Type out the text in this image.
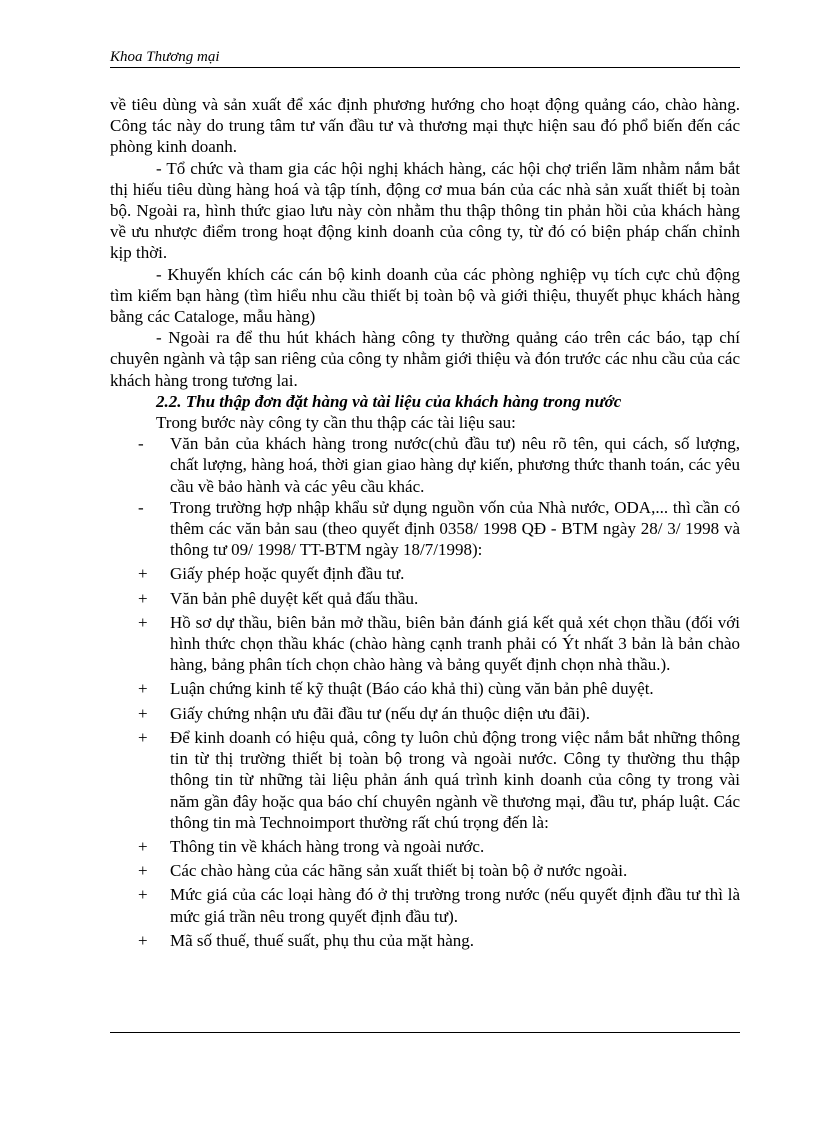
Khoa Thương mại

về tiêu dùng và sản xuất để xác định phương hướng cho hoạt động quảng cáo, chào hàng. Công tác này do trung tâm tư vấn đầu tư và thương mại thực hiện sau đó phổ biến đến các phòng kinh doanh.

- Tổ chức và tham gia các hội nghị khách hàng, các hội chợ triển lãm nhằm nắm bắt thị hiếu tiêu dùng hàng hoá và tập tính, động cơ mua bán của các nhà sản xuất thiết bị toàn bộ. Ngoài ra, hình thức giao lưu này còn nhằm thu thập thông tin phản hồi của khách hàng về ưu nhược điểm trong hoạt động kinh doanh của công ty, từ đó có biện pháp chấn chỉnh kịp thời.

- Khuyến khích các cán bộ kinh doanh của các phòng nghiệp vụ tích cực chủ động tìm kiếm bạn hàng (tìm hiểu nhu cầu thiết bị toàn bộ và giới thiệu, thuyết phục khách hàng bằng các Cataloge, mẫu hàng)

- Ngoài ra để thu hút khách hàng công ty thường quảng cáo trên các báo, tạp chí chuyên ngành và tập san riêng của công ty nhằm giới thiệu và đón trước các nhu cầu của các khách hàng trong tương lai.

2.2. Thu thập đơn đặt hàng và tài liệu của khách hàng trong nước

Trong bước này công ty cần thu thập các tài liệu sau:

- Văn bản của khách hàng trong nước(chủ đầu tư) nêu rõ tên, qui cách, số lượng, chất lượng, hàng hoá, thời gian giao hàng dự kiến, phương thức thanh toán, các yêu cầu về bảo hành và các yêu cầu khác.
- Trong trường hợp nhập khẩu sử dụng nguồn vốn của Nhà nước, ODA,... thì cần có thêm các văn bản sau (theo quyết định 0358/ 1998 QĐ - BTM ngày 28/ 3/ 1998 và thông tư 09/ 1998/ TT-BTM ngày 18/7/1998):
+ Giấy phép hoặc quyết định đầu tư.
+ Văn bản phê duyệt kết quả đấu thầu.
+ Hồ sơ dự thầu, biên bản mở thầu, biên bản đánh giá kết quả xét chọn thầu (đối với hình thức chọn thầu khác (chào hàng cạnh tranh phải có Ýt nhất 3 bản là bản chào hàng, bảng phân tích chọn chào hàng và bảng quyết định chọn nhà thầu.).
+ Luận chứng kinh tế kỹ thuật (Báo cáo khả thi) cùng văn bản phê duyệt.
+ Giấy chứng nhận ưu đãi đầu tư (nếu dự án thuộc diện ưu đãi).
+ Để kinh doanh có hiệu quả, công ty luôn chủ động trong việc nắm bắt những thông tin từ thị trường thiết bị toàn bộ trong và ngoài nước. Công ty thường thu thập thông tin từ những tài liệu phản ánh quá trình kinh doanh của công ty trong vài năm gần đây hoặc qua báo chí chuyên ngành về thương mại, đầu tư, pháp luật. Các thông tin mà Technoimport thường rất chú trọng đến là:
+ Thông tin về khách hàng trong và ngoài nước.
+ Các chào hàng của các hãng sản xuất thiết bị toàn bộ ở nước ngoài.
+ Mức giá của các loại hàng đó ở thị trường trong nước (nếu quyết định đầu tư thì là mức giá trần nêu trong quyết định đầu tư).
+ Mã số thuế, thuế suất, phụ thu của mặt hàng.
